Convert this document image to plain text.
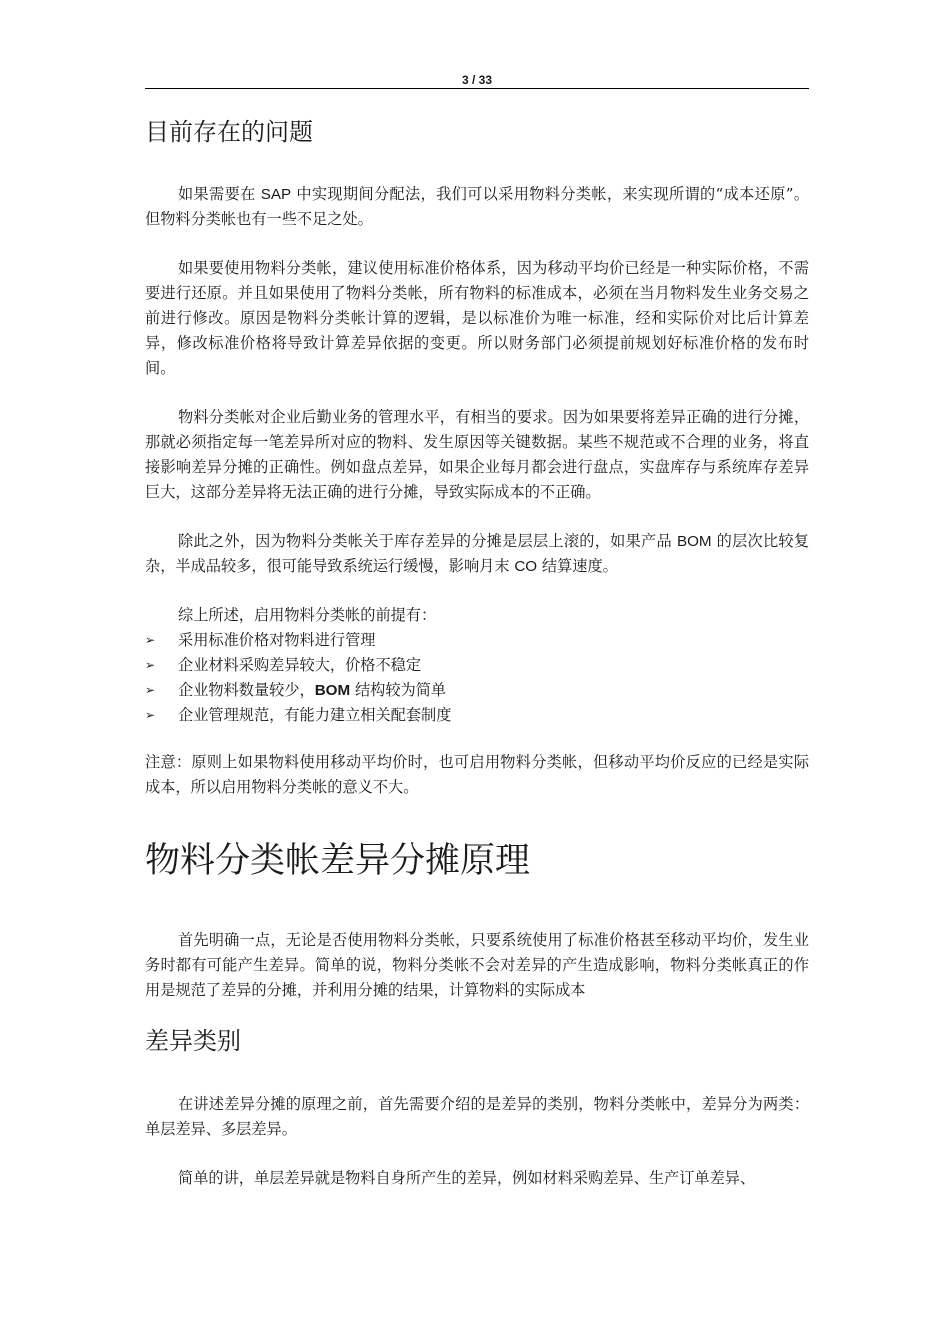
3 / 33
目前存在的问题

如果需要在 SAP 中实现期间分配法，我们可以采用物料分类帐，来实现所谓的“成本还原”。但物料分类帐也有一些不足之处。

如果要使用物料分类帐，建议使用标准价格体系，因为移动平均价已经是一种实际价格，不需要进行还原。并且如果使用了物料分类帐，所有物料的标准成本，必须在当月物料发生业务交易之前进行修改。原因是物料分类帐计算的逻辑，是以标准价为唯一标准，经和实际价对比后计算差异，修改标准价格将导致计算差异依据的变更。所以财务部门必须提前规划好标准价格的发布时间。

物料分类帐对企业后勤业务的管理水平，有相当的要求。因为如果要将差异正确的进行分摊，那就必须指定每一笔差异所对应的物料、发生原因等关键数据。某些不规范或不合理的业务，将直接影响差异分摊的正确性。例如盘点差异，如果企业每月都会进行盘点，实盘库存与系统库存差异巨大，这部分差异将无法正确的进行分摊，导致实际成本的不正确。

除此之外，因为物料分类帐关于库存差异的分摊是层层上滚的，如果产品 BOM 的层次比较复杂，半成品较多，很可能导致系统运行缓慢，影响月末 CO 结算速度。

综上所述，启用物料分类帐的前提有：

➢	采用标准价格对物料进行管理
➢	企业材料采购差异较大，价格不稳定
➢	企业物料数量较少，BOM 结构较为简单
➢	企业管理规范，有能力建立相关配套制度

注意：原则上如果物料使用移动平均价时，也可启用物料分类帐，但移动平均价反应的已经是实际成本，所以启用物料分类帐的意义不大。

物料分类帐差异分摊原理

首先明确一点，无论是否使用物料分类帐，只要系统使用了标准价格甚至移动平均价，发生业务时都有可能产生差异。简单的说，物料分类帐不会对差异的产生造成影响，物料分类帐真正的作用是规范了差异的分摊，并利用分摊的结果，计算物料的实际成本

差异类别

在讲述差异分摊的原理之前，首先需要介绍的是差异的类别，物料分类帐中，差异分为两类：单层差异、多层差异。

简单的讲，单层差异就是物料自身所产生的差异，例如材料采购差异、生产订单差异、
